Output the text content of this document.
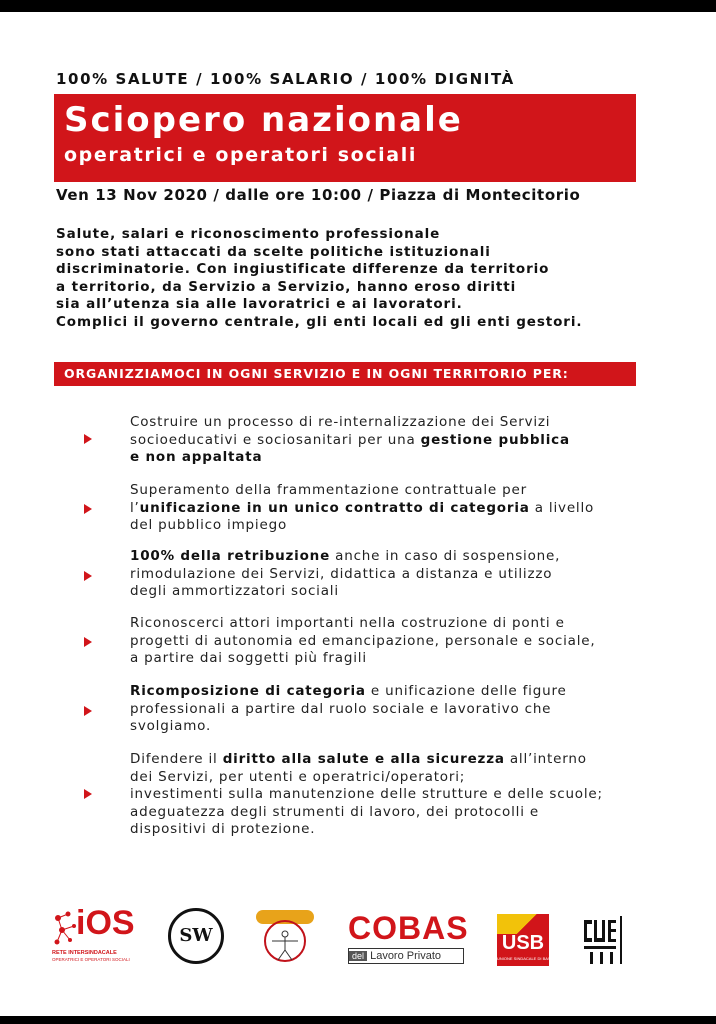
100% SALUTE / 100% SALARIO / 100% DIGNITÀ
Sciopero nazionale
operatrici e operatori sociali
Ven 13 Nov 2020 / dalle ore 10:00 / Piazza di Montecitorio
Salute, salari e riconoscimento professionale
sono stati attaccati da scelte politiche istituzionali
discriminatorie. Con ingiustificate differenze da territorio
a territorio, da Servizio a Servizio, hanno eroso diritti
sia all’utenza sia alle lavoratrici e ai lavoratori.
Complici il governo centrale, gli enti locali ed gli enti gestori.
ORGANIZZIAMOCI IN OGNI SERVIZIO E IN OGNI TERRITORIO PER:
Costruire un processo di re-internalizzazione dei Servizi
socioeducativi e sociosanitari per una gestione pubblica
e non appaltata
Superamento della frammentazione contrattuale per
l’unificazione in un unico contratto di categoria a livello
del pubblico impiego
100% della retribuzione anche in caso di sospensione,
rimodulazione dei Servizi, didattica a distanza e utilizzo
degli ammortizzatori sociali
Riconoscerci attori importanti nella costruzione di ponti e
progetti di autonomia ed emancipazione, personale e sociale,
a partire dai soggetti più fragili
Ricomposizione di categoria e unificazione delle figure
professionali a partire dal ruolo sociale e lavorativo che
svolgiamo.
Difendere il diritto alla salute e alla sicurezza all’interno
dei Servizi, per utenti e operatrici/operatori;
investimenti sulla manutenzione delle strutture e delle scuole;
adeguatezza degli strumenti di lavoro, dei protocolli e
dispositivi di protezione.
iOS
RETE INTERSINDACALE
OPERATRICI E OPERATORI SOCIALI
SW	COBAS
del Lavoro Privato
USB
UNIONE SINDACALE DI BASE
